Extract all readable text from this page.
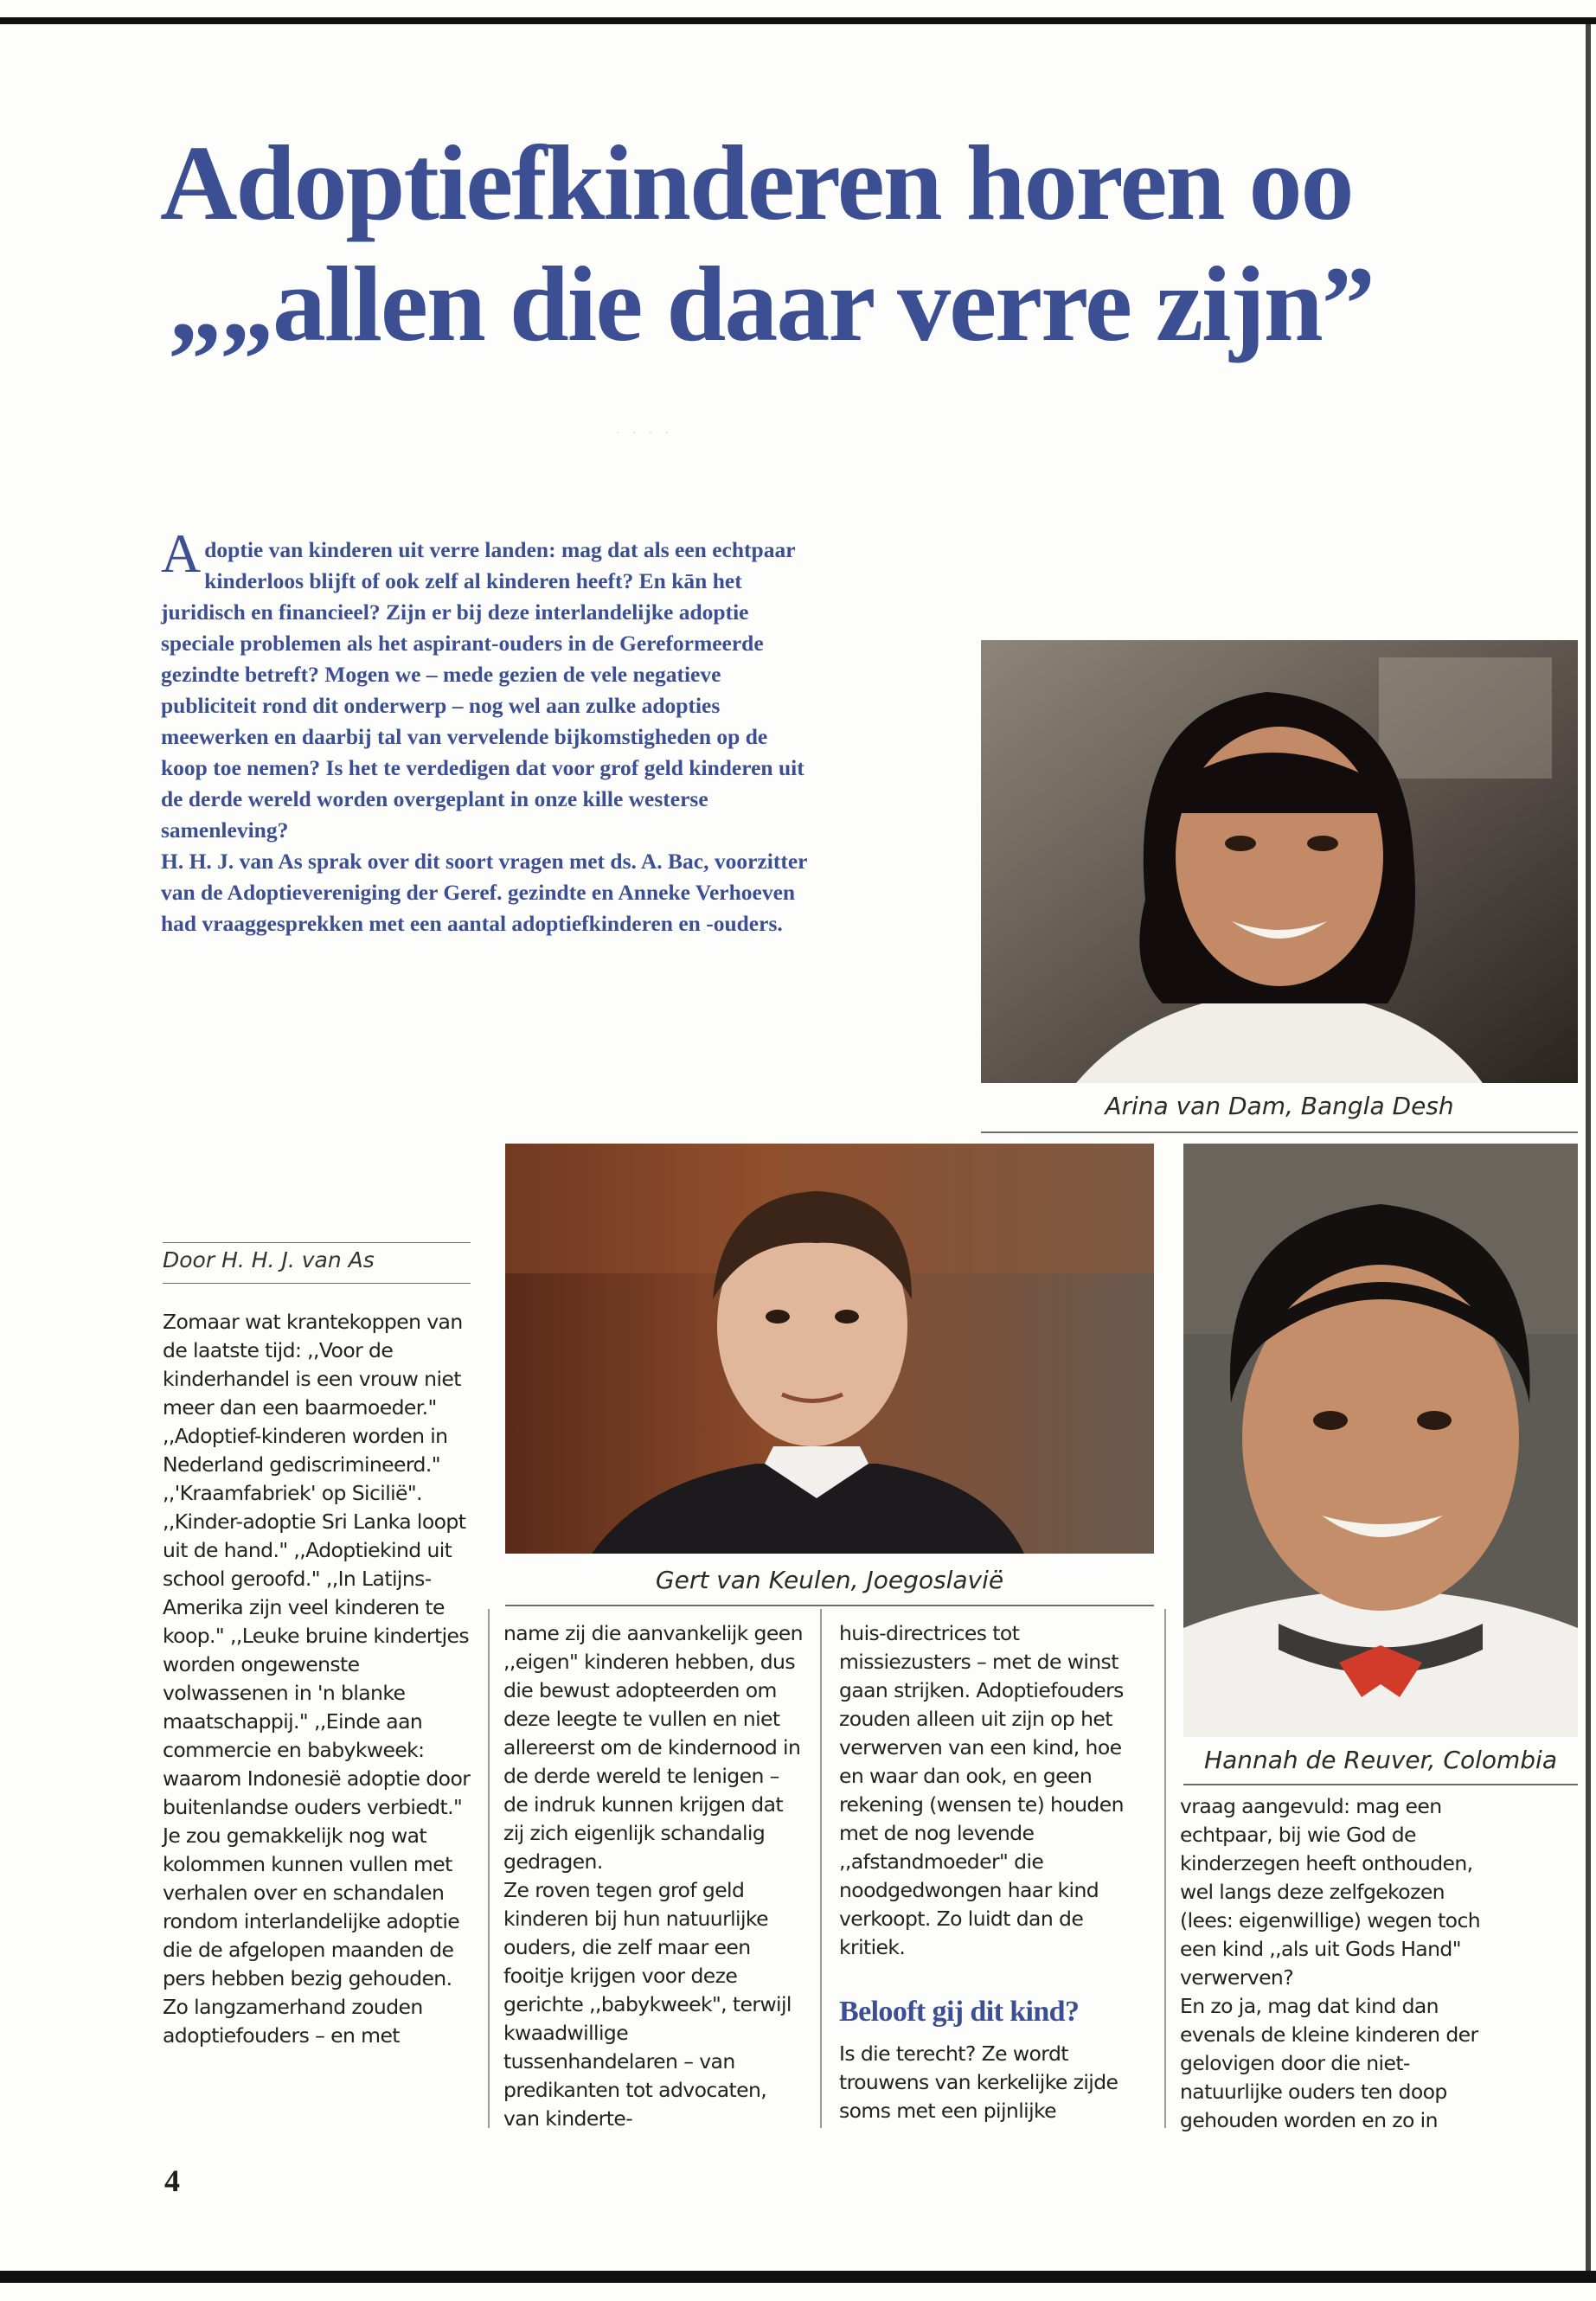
Adoptiefkinderen horen oo
„„allen die daar verre zijn”
· · · ·

Adoptie van kinderen uit verre landen: mag dat als een echtpaar kinderloos blijft of ook zelf al kinderen heeft? En kān het juridisch en financieel? Zijn er bij deze interlandelijke adoptie speciale problemen als het aspirant-ouders in de Gereformeerde gezindte betreft? Mogen we – mede gezien de vele negatieve publiciteit rond dit onderwerp – nog wel aan zulke adopties meewerken en daarbij tal van vervelende bijkomstigheden op de koop toe nemen? Is het te verdedigen dat voor grof geld kinderen uit de derde wereld worden overgeplant in onze kille westerse samenleving?

H. H. J. van As sprak over dit soort vragen met ds. A. Bac, voorzitter van de Adoptievereniging der Geref. gezindte en Anneke Verhoeven had vraaggesprekken met een aantal adoptiefkinderen en -ouders.

Arina van Dam, Bangla Desh

Gert van Keulen, Joegoslavië

Hannah de Reuver, Colombia

Door H. H. J. van As

Zomaar wat krantekoppen van de laatste tijd: ,,Voor de kinderhandel is een vrouw niet meer dan een baarmoeder." ,,Adoptief-kinderen worden in Nederland gediscrimineerd." ,,'Kraamfabriek' op Sicilië". ,,Kinder-adoptie Sri Lanka loopt uit de hand." ,,Adoptiekind uit school geroofd." ,,In Latijns-Amerika zijn veel kinderen te koop." ,,Leuke bruine kindertjes worden ongewenste volwassenen in 'n blanke maatschappij." ,,Einde aan commercie en babykweek: waarom Indonesië adoptie door buitenlandse ouders verbiedt."

Je zou gemakkelijk nog wat kolommen kunnen vullen met verhalen over en schandalen rondom interlandelijke adoptie die de afgelopen maanden de pers hebben bezig gehouden. Zo langzamerhand zouden adoptiefouders – en met

name zij die aanvankelijk geen ,,eigen" kinderen hebben, dus die bewust adopteerden om deze leegte te vullen en niet allereerst om de kindernood in de derde wereld te lenigen – de indruk kunnen krijgen dat zij zich eigenlijk schandalig gedragen.

Ze roven tegen grof geld kinderen bij hun natuurlijke ouders, die zelf maar een fooitje krijgen voor deze gerichte ,,babykweek", terwijl kwaadwillige tussenhandelaren – van predikanten tot advocaten, van kinderte-

huis-directrices tot missiezusters – met de winst gaan strijken. Adoptiefouders zouden alleen uit zijn op het verwerven van een kind, hoe en waar dan ook, en geen rekening (wensen te) houden met de nog levende ,,afstandmoeder" die noodgedwongen haar kind verkoopt. Zo luidt dan de kritiek.

Belooft gij dit kind?

Is die terecht? Ze wordt trouwens van kerkelijke zijde soms met een pijnlijke

vraag aangevuld: mag een echtpaar, bij wie God de kinderzegen heeft onthouden, wel langs deze zelfgekozen (lees: eigenwillige) wegen toch een kind ,,als uit Gods Hand" verwerven?

En zo ja, mag dat kind dan evenals de kleine kinderen der gelovigen door die niet-natuurlijke ouders ten doop gehouden worden en zo in

4
